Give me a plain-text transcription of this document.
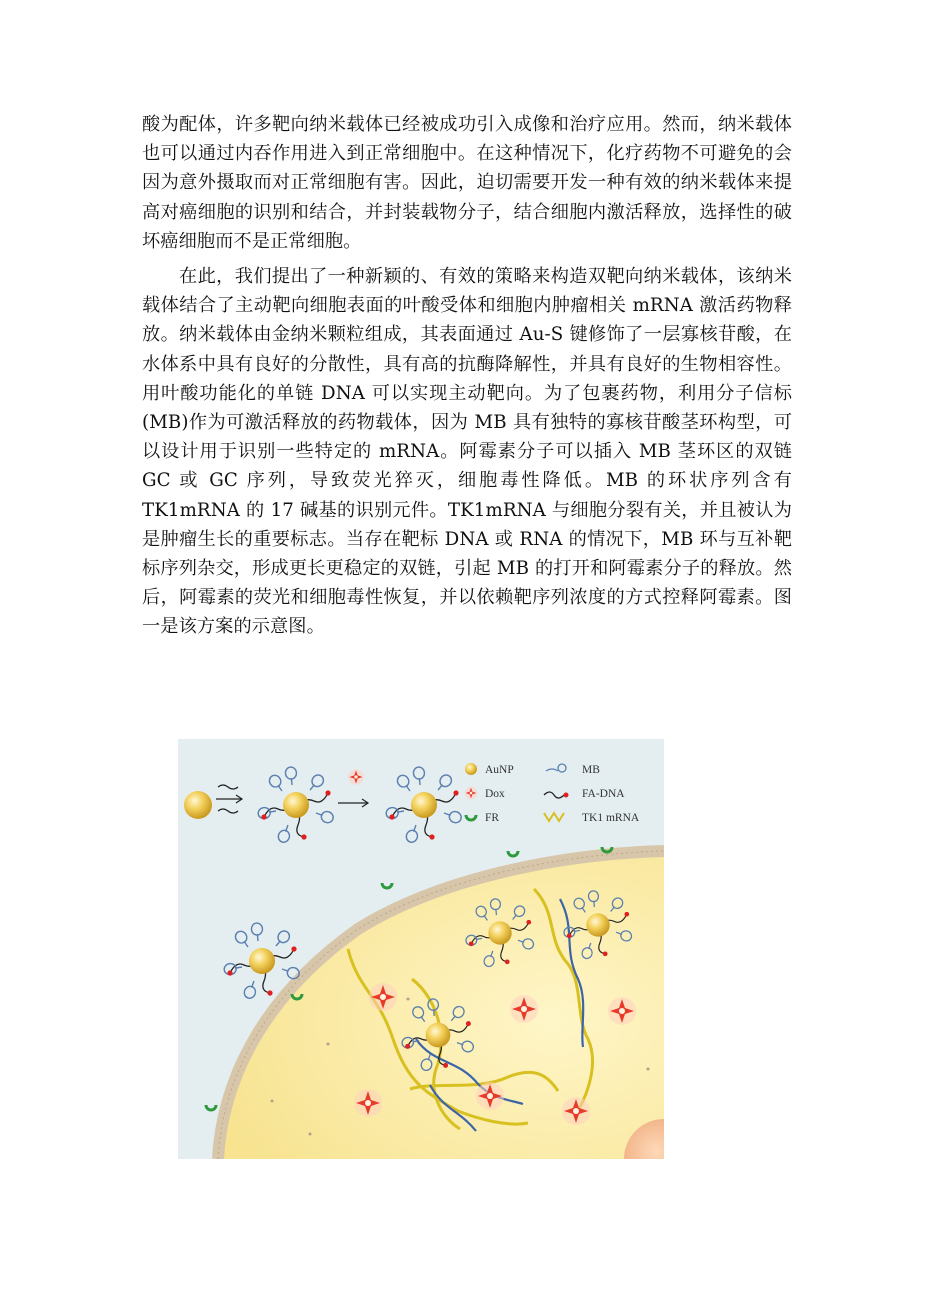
酸为配体，许多靶向纳米载体已经被成功引入成像和治疗应用。然而，纳米载体也可以通过内吞作用进入到正常细胞中。在这种情况下，化疗药物不可避免的会因为意外摄取而对正常细胞有害。因此，迫切需要开发一种有效的纳米载体来提高对癌细胞的识别和结合，并封装载物分子，结合细胞内激活释放，选择性的破坏癌细胞而不是正常细胞。

在此，我们提出了一种新颖的、有效的策略来构造双靶向纳米载体，该纳米载体结合了主动靶向细胞表面的叶酸受体和细胞内肿瘤相关 mRNA 激活药物释放。纳米载体由金纳米颗粒组成，其表面通过 Au-S 键修饰了一层寡核苷酸，在水体系中具有良好的分散性，具有高的抗酶降解性，并具有良好的生物相容性。用叶酸功能化的单链 DNA 可以实现主动靶向。为了包裹药物，利用分子信标(MB)作为可激活释放的药物载体，因为 MB 具有独特的寡核苷酸茎环构型，可以设计用于识别一些特定的 mRNA。阿霉素分子可以插入 MB 茎环区的双链 GC 或 GC 序列，导致荧光猝灭，细胞毒性降低。MB 的环状序列含有 TK1mRNA 的 17 碱基的识别元件。TK1mRNA 与细胞分裂有关，并且被认为是肿瘤生长的重要标志。当存在靶标 DNA 或 RNA 的情况下，MB 环与互补靶标序列杂交，形成更长更稳定的双链，引起 MB 的打开和阿霉素分子的释放。然后，阿霉素的荧光和细胞毒性恢复，并以依赖靶序列浓度的方式控释阿霉素。图一是该方案的示意图。

AuNP	MB
Dox	FA-DNA
FR	TK1 mRNA
